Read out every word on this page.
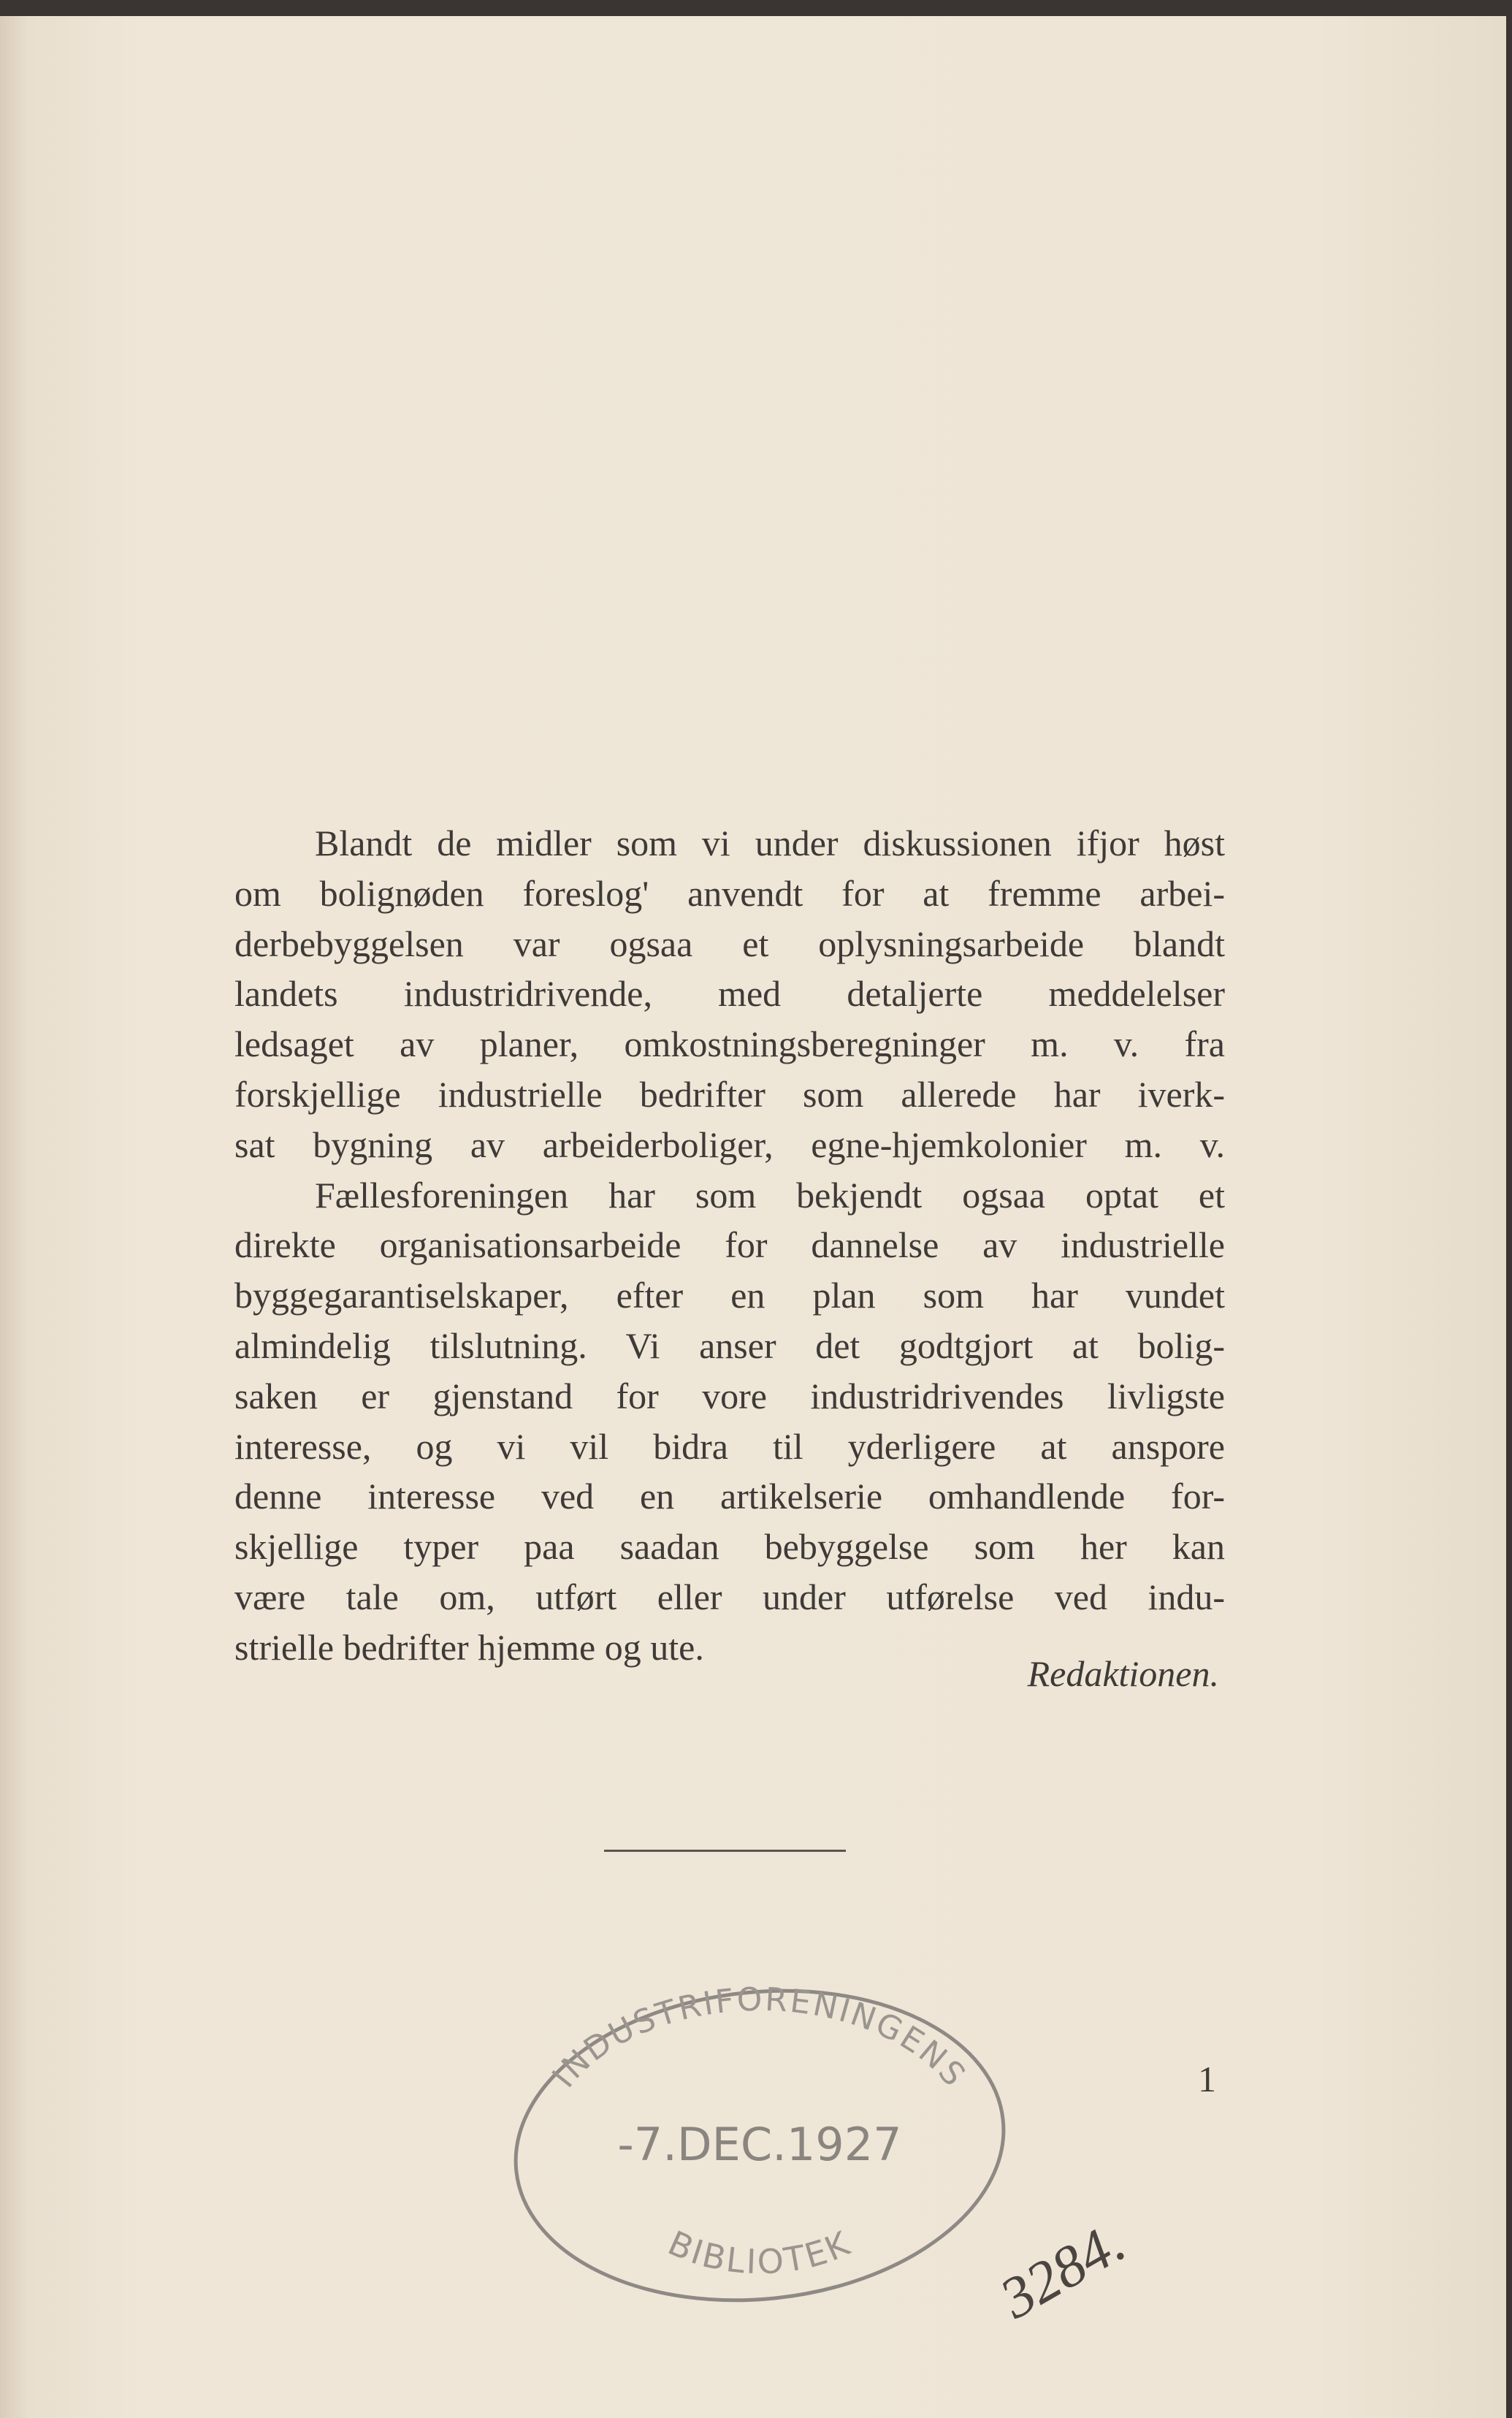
Blandt de midler som vi under diskussionen ifjor høst
om bolignøden foreslog' anvendt for at fremme arbei-
derbebyggelsen var ogsaa et oplysningsarbeide blandt
landets industridrivende, med detaljerte meddelelser
ledsaget av planer, omkostningsberegninger m. v. fra
forskjellige industrielle bedrifter som allerede har iverk-
sat bygning av arbeiderboliger, egne-hjemkolonier m. v.
Fællesforeningen har som bekjendt ogsaa optat et
direkte organisationsarbeide for dannelse av industrielle
byggegarantiselskaper, efter en plan som har vundet
almindelig tilslutning. Vi anser det godtgjort at bolig-
saken er gjenstand for vore industridrivendes livligste
interesse, og vi vil bidra til yderligere at anspore
denne interesse ved en artikelserie omhandlende for-
skjellige typer paa saadan bebyggelse som her kan
være tale om, utført eller under utførelse ved indu-
strielle bedrifter hjemme og ute.
Redaktionen.
1
INDUSTRIFORENINGENS
-7.DEC.1927
BIBLIOTEK 3284.
